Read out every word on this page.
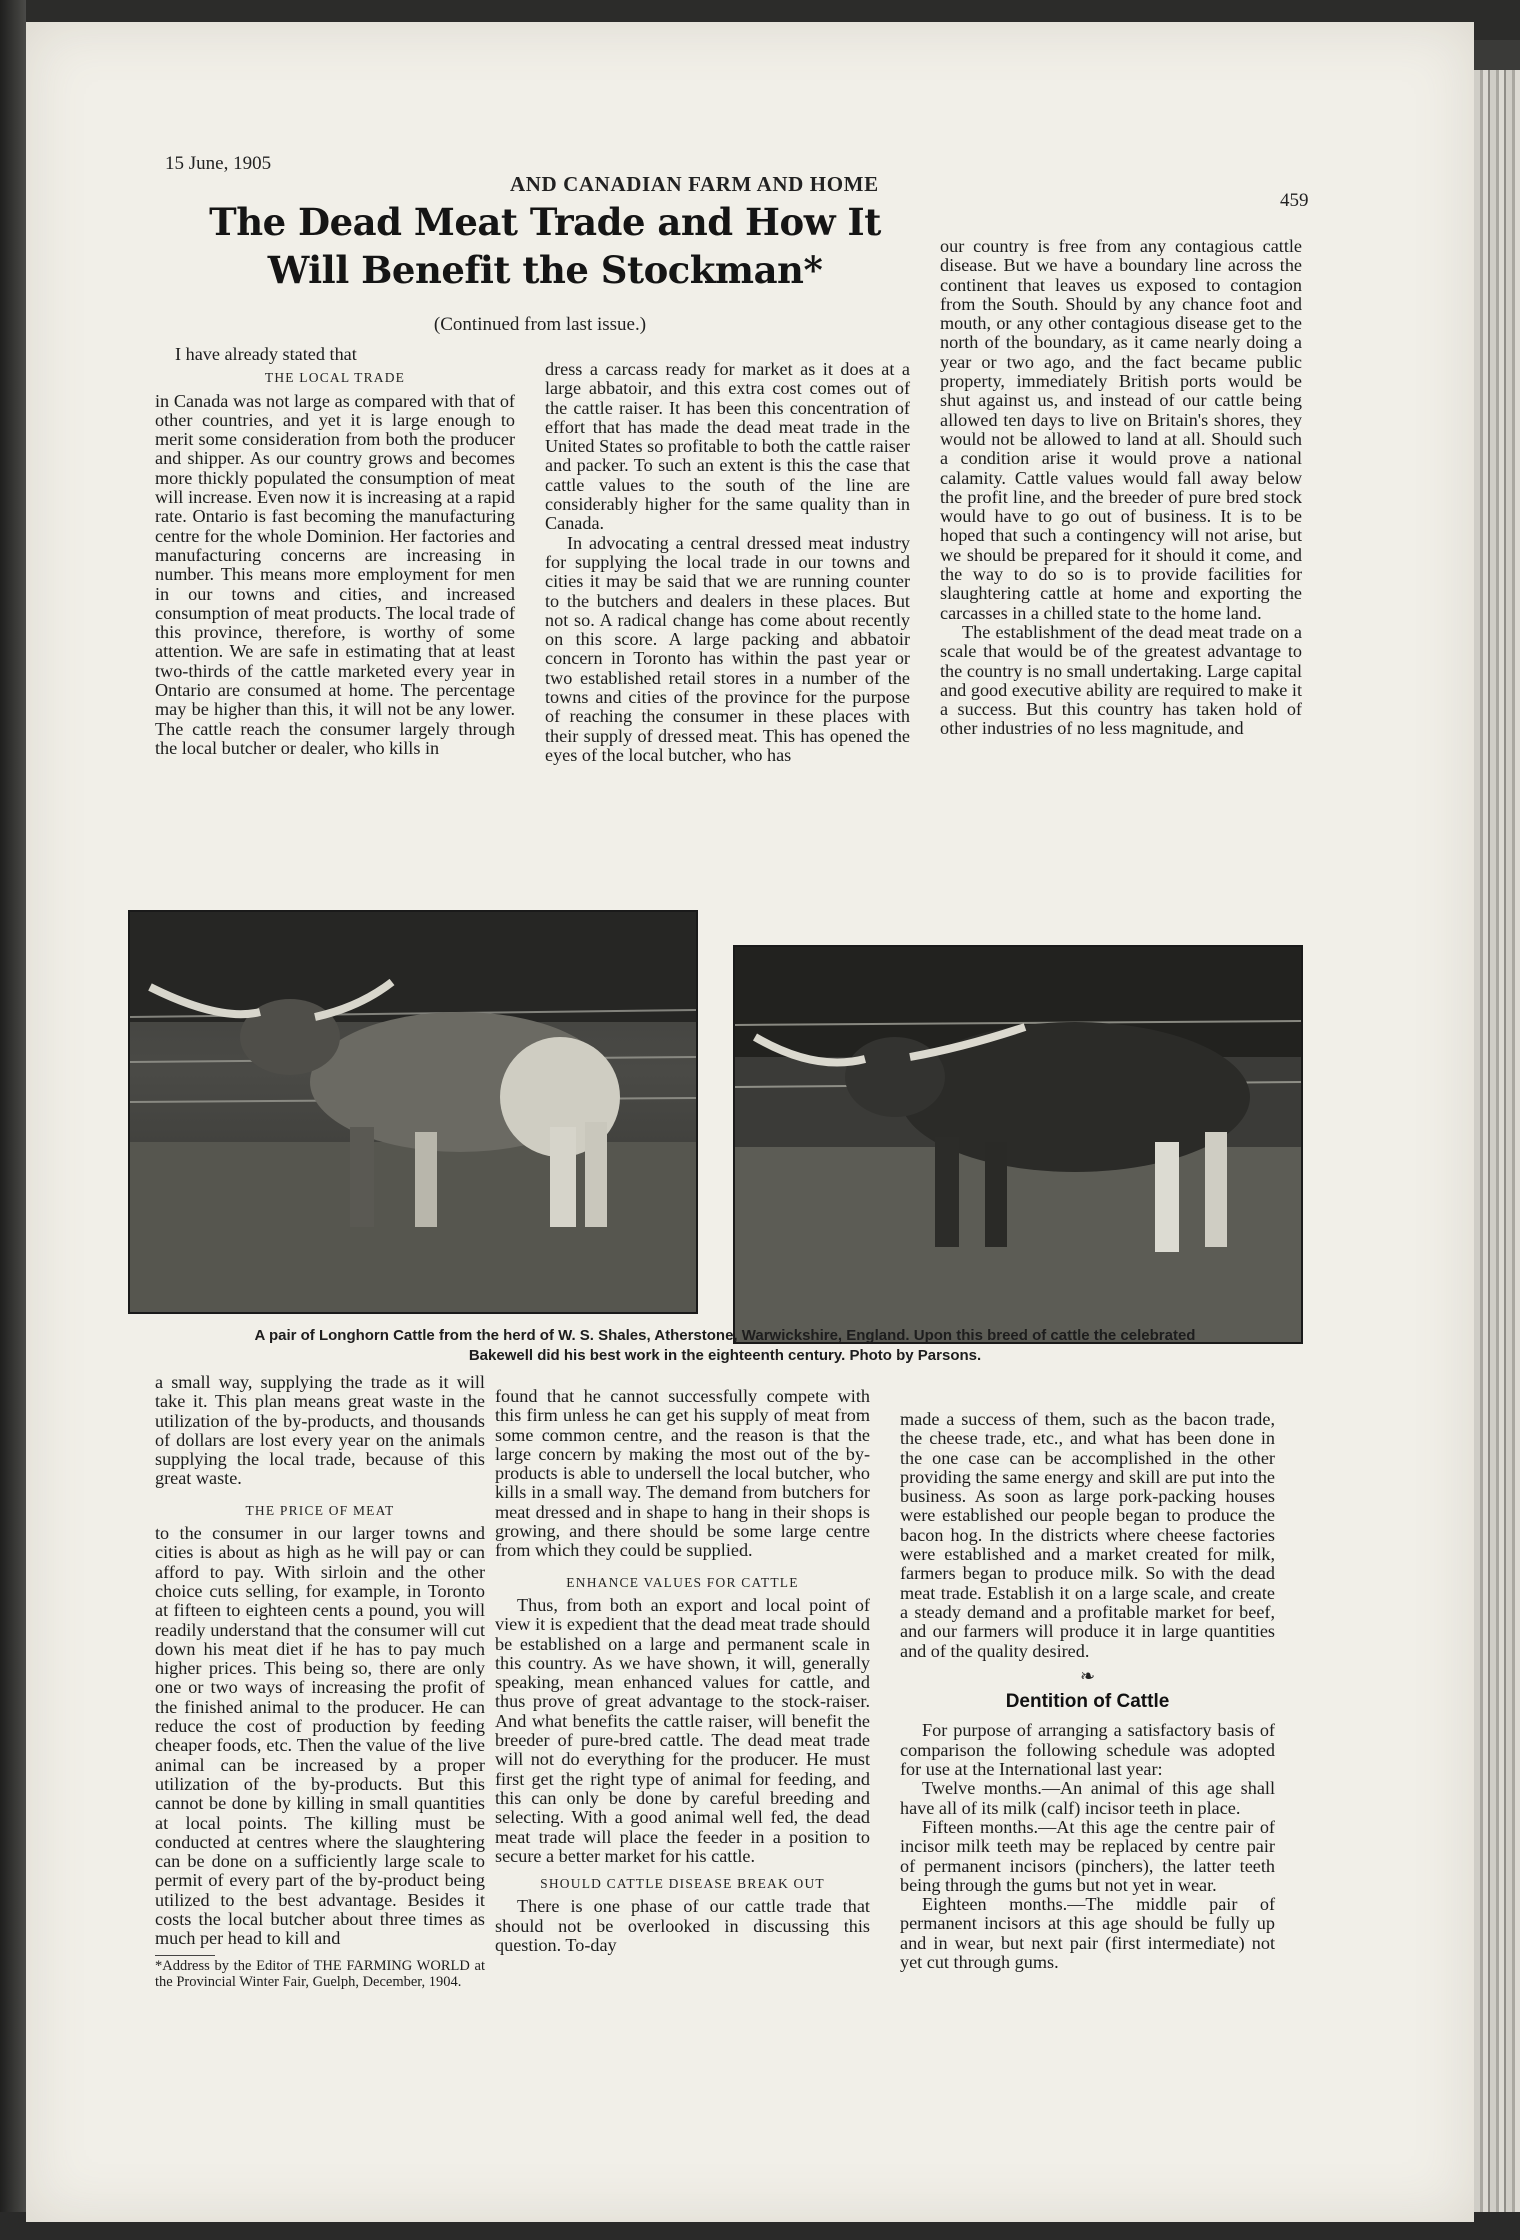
15 June, 1905
AND CANADIAN FARM AND HOME
459
The Dead Meat Trade and How It Will Benefit the Stockman*
(Continued from last issue.)

I have already stated that

THE LOCAL TRADE

in Canada was not large as compared with that of other countries, and yet it is large enough to merit some consideration from both the producer and shipper. As our country grows and becomes more thickly populated the consumption of meat will increase. Even now it is increasing at a rapid rate. Ontario is fast becoming the manufacturing centre for the whole Dominion. Her factories and manufacturing concerns are increasing in number. This means more employment for men in our towns and cities, and increased consumption of meat products. The local trade of this province, therefore, is worthy of some attention. We are safe in estimating that at least two-thirds of the cattle marketed every year in Ontario are consumed at home. The percentage may be higher than this, it will not be any lower. The cattle reach the consumer largely through the local butcher or dealer, who kills in

dress a carcass ready for market as it does at a large abbatoir, and this extra cost comes out of the cattle raiser. It has been this concentration of effort that has made the dead meat trade in the United States so profitable to both the cattle raiser and packer. To such an extent is this the case that cattle values to the south of the line are considerably higher for the same quality than in Canada.

In advocating a central dressed meat industry for supplying the local trade in our towns and cities it may be said that we are running counter to the butchers and dealers in these places. But not so. A radical change has come about recently on this score. A large packing and abbatoir concern in Toronto has within the past year or two established retail stores in a number of the towns and cities of the province for the purpose of reaching the consumer in these places with their supply of dressed meat. This has opened the eyes of the local butcher, who has

our country is free from any contagious cattle disease. But we have a boundary line across the continent that leaves us exposed to contagion from the South. Should by any chance foot and mouth, or any other contagious disease get to the north of the boundary, as it came nearly doing a year or two ago, and the fact became public property, immediately British ports would be shut against us, and instead of our cattle being allowed ten days to live on Britain's shores, they would not be allowed to land at all. Should such a condition arise it would prove a national calamity. Cattle values would fall away below the profit line, and the breeder of pure bred stock would have to go out of business. It is to be hoped that such a contingency will not arise, but we should be prepared for it should it come, and the way to do so is to provide facilities for slaughtering cattle at home and exporting the carcasses in a chilled state to the home land.

The establishment of the dead meat trade on a scale that would be of the greatest advantage to the country is no small undertaking. Large capital and good executive ability are required to make it a success. But this country has taken hold of other industries of no less magnitude, and

A pair of Longhorn Cattle from the herd of W. S. Shales, Atherstone, Warwickshire, England. Upon this breed of cattle the celebrated
Bakewell did his best work in the eighteenth century. Photo by Parsons.

a small way, supplying the trade as it will take it. This plan means great waste in the utilization of the by-products, and thousands of dollars are lost every year on the animals supplying the local trade, because of this great waste.

THE PRICE OF MEAT

to the consumer in our larger towns and cities is about as high as he will pay or can afford to pay. With sirloin and the other choice cuts selling, for example, in Toronto at fifteen to eighteen cents a pound, you will readily understand that the consumer will cut down his meat diet if he has to pay much higher prices. This being so, there are only one or two ways of increasing the profit of the finished animal to the producer. He can reduce the cost of production by feeding cheaper foods, etc. Then the value of the live animal can be increased by a proper utilization of the by-products. But this cannot be done by killing in small quantities at local points. The killing must be conducted at centres where the slaughtering can be done on a sufficiently large scale to permit of every part of the by-product being utilized to the best advantage. Besides it costs the local butcher about three times as much per head to kill and

*Address by the Editor of THE FARMING WORLD at the Provincial Winter Fair, Guelph, December, 1904.

found that he cannot successfully compete with this firm unless he can get his supply of meat from some common centre, and the reason is that the large concern by making the most out of the by-products is able to undersell the local butcher, who kills in a small way. The demand from butchers for meat dressed and in shape to hang in their shops is growing, and there should be some large centre from which they could be supplied.

ENHANCE VALUES FOR CATTLE

Thus, from both an export and local point of view it is expedient that the dead meat trade should be established on a large and permanent scale in this country. As we have shown, it will, generally speaking, mean enhanced values for cattle, and thus prove of great advantage to the stock-raiser. And what benefits the cattle raiser, will benefit the breeder of pure-bred cattle. The dead meat trade will not do everything for the producer. He must first get the right type of animal for feeding, and this can only be done by careful breeding and selecting. With a good animal well fed, the dead meat trade will place the feeder in a position to secure a better market for his cattle.

SHOULD CATTLE DISEASE BREAK OUT

There is one phase of our cattle trade that should not be overlooked in discussing this question. To-day

made a success of them, such as the bacon trade, the cheese trade, etc., and what has been done in the one case can be accomplished in the other providing the same energy and skill are put into the business. As soon as large pork-packing houses were established our people began to produce the bacon hog. In the districts where cheese factories were established and a market created for milk, farmers began to produce milk. So with the dead meat trade. Establish it on a large scale, and create a steady demand and a profitable market for beef, and our farmers will produce it in large quantities and of the quality desired.

❧
Dentition of Cattle

For purpose of arranging a satisfactory basis of comparison the following schedule was adopted for use at the International last year:

Twelve months.—An animal of this age shall have all of its milk (calf) incisor teeth in place.

Fifteen months.—At this age the centre pair of incisor milk teeth may be replaced by centre pair of permanent incisors (pinchers), the latter teeth being through the gums but not yet in wear.

Eighteen months.—The middle pair of permanent incisors at this age should be fully up and in wear, but next pair (first intermediate) not yet cut through gums.
